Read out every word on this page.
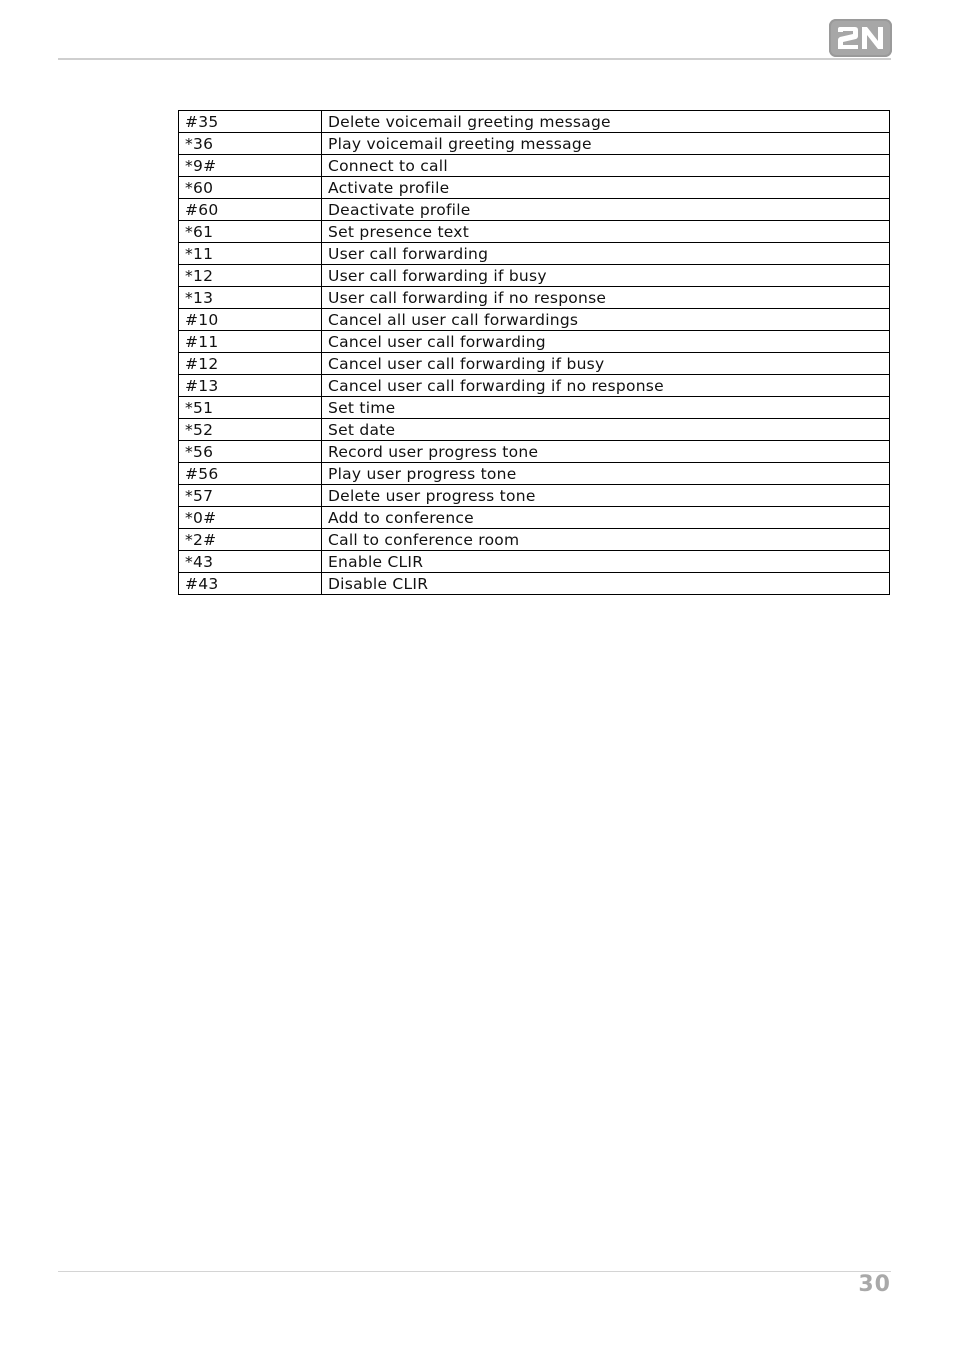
#35	Delete voicemail greeting message
*36	Play voicemail greeting message
*9#	Connect to call
*60	Activate profile
#60	Deactivate profile
*61	Set presence text
*11	User call forwarding
*12	User call forwarding if busy
*13	User call forwarding if no response
#10	Cancel all user call forwardings
#11	Cancel user call forwarding
#12	Cancel user call forwarding if busy
#13	Cancel user call forwarding if no response
*51	Set time
*52	Set date
*56	Record user progress tone
#56	Play user progress tone
*57	Delete user progress tone
*0#	Add to conference
*2#	Call to conference room
*43	Enable CLIR
#43	Disable CLIR
30
